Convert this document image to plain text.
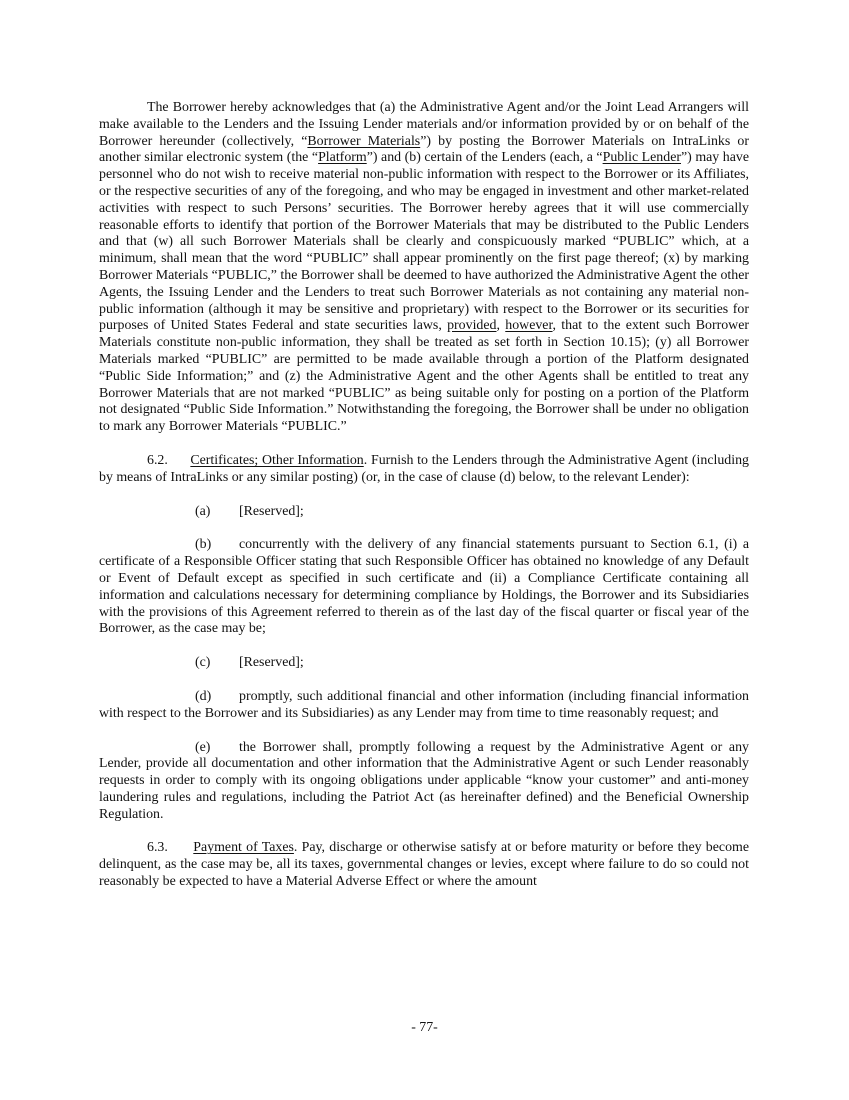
The Borrower hereby acknowledges that (a) the Administrative Agent and/or the Joint Lead Arrangers will make available to the Lenders and the Issuing Lender materials and/or information provided by or on behalf of the Borrower hereunder (collectively, “Borrower Materials”) by posting the Borrower Materials on IntraLinks or another similar electronic system (the “Platform”) and (b) certain of the Lenders (each, a “Public Lender”) may have personnel who do not wish to receive material non-public information with respect to the Borrower or its Affiliates, or the respective securities of any of the foregoing, and who may be engaged in investment and other market-related activities with respect to such Persons’ securities. The Borrower hereby agrees that it will use commercially reasonable efforts to identify that portion of the Borrower Materials that may be distributed to the Public Lenders and that (w) all such Borrower Materials shall be clearly and conspicuously marked “PUBLIC” which, at a minimum, shall mean that the word “PUBLIC” shall appear prominently on the first page thereof; (x) by marking Borrower Materials “PUBLIC,” the Borrower shall be deemed to have authorized the Administrative Agent the other Agents, the Issuing Lender and the Lenders to treat such Borrower Materials as not containing any material non-public information (although it may be sensitive and proprietary) with respect to the Borrower or its securities for purposes of United States Federal and state securities laws, provided, however, that to the extent such Borrower Materials constitute non-public information, they shall be treated as set forth in Section 10.15); (y) all Borrower Materials marked “PUBLIC” are permitted to be made available through a portion of the Platform designated “Public Side Information;” and (z) the Administrative Agent and the other Agents shall be entitled to treat any Borrower Materials that are not marked “PUBLIC” as being suitable only for posting on a portion of the Platform not designated “Public Side Information.” Notwithstanding the foregoing, the Borrower shall be under no obligation to mark any Borrower Materials “PUBLIC.”

6.2. Certificates; Other Information. Furnish to the Lenders through the Administrative Agent (including by means of IntraLinks or any similar posting) (or, in the case of clause (d) below, to the relevant Lender):

(a) [Reserved];

(b) concurrently with the delivery of any financial statements pursuant to Section 6.1, (i) a certificate of a Responsible Officer stating that such Responsible Officer has obtained no knowledge of any Default or Event of Default except as specified in such certificate and (ii) a Compliance Certificate containing all information and calculations necessary for determining compliance by Holdings, the Borrower and its Subsidiaries with the provisions of this Agreement referred to therein as of the last day of the fiscal quarter or fiscal year of the Borrower, as the case may be;

(c) [Reserved];

(d) promptly, such additional financial and other information (including financial information with respect to the Borrower and its Subsidiaries) as any Lender may from time to time reasonably request; and

(e) the Borrower shall, promptly following a request by the Administrative Agent or any Lender, provide all documentation and other information that the Administrative Agent or such Lender reasonably requests in order to comply with its ongoing obligations under applicable “know your customer” and anti-money laundering rules and regulations, including the Patriot Act (as hereinafter defined) and the Beneficial Ownership Regulation.

6.3. Payment of Taxes. Pay, discharge or otherwise satisfy at or before maturity or before they become delinquent, as the case may be, all its taxes, governmental changes or levies, except where failure to do so could not reasonably be expected to have a Material Adverse Effect or where the amount

- 77-
